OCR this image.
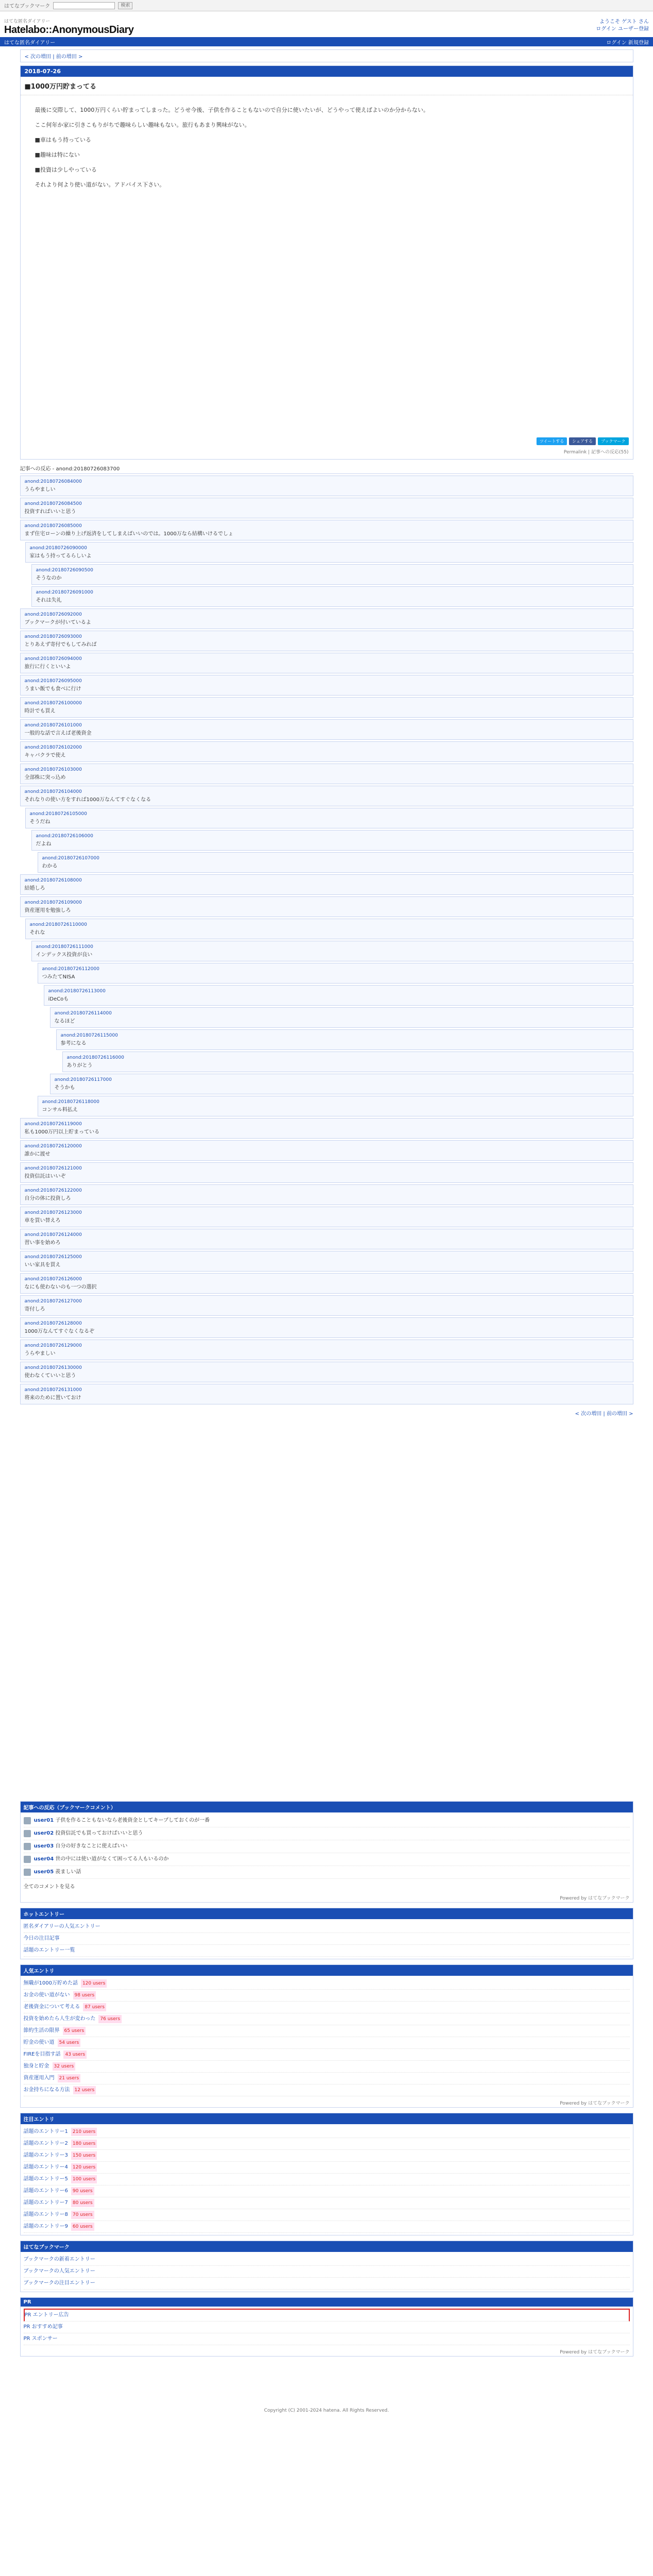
はてなブックマーク	検索
はてな匿名ダイアリー
Hatelabo::AnonymousDiary
ようこそ ゲスト さん
ログイン ユーザー登録
はてな匿名ダイアリー	ログイン 新規登録
< 次の増田 | 前の増田 >
2018-07-26
■1000万円貯まってる

最後に交際して、1000万円くらい貯まってしまった。どうせ今後、子供を作ることもないので自分に使いたいが、どうやって使えばよいのか分からない。

ここ何年か家に引きこもりがちで趣味らしい趣味もない。旅行もあまり興味がない。

■車はもう持っている

■趣味は特にない

■投資は少しやっている

それより何より使い道がない。アドバイス下さい。

ツイートする	シェアする	ブックマーク
Permalink | 記事への反応(55)
記事への反応 - anond:20180726083700
anond:20180726084000
うらやましい
anond:20180726084500
投資すればいいと思う
anond:20180726085000
まず住宅ローンの繰り上げ返済をしてしまえばいいのでは。1000万なら結構いけるでしょ
anond:20180726090000
家はもう持ってるらしいよ
anond:20180726090500
そうなのか
anond:20180726091000
それは失礼
anond:20180726092000
ブックマークが付いているよ
anond:20180726093000
とりあえず寄付でもしてみれば
anond:20180726094000
旅行に行くといいよ
anond:20180726095000
うまい飯でも食べに行け
anond:20180726100000
時計でも買え
anond:20180726101000
一般的な話で言えば老後資金
anond:20180726102000
キャバクラで使え
anond:20180726103000
全部株に突っ込め
anond:20180726104000
それなりの使い方をすれば1000万なんてすぐなくなる
anond:20180726105000
そうだね
anond:20180726106000
だよね
anond:20180726107000
わかる
anond:20180726108000
結婚しろ
anond:20180726109000
資産運用を勉強しろ
anond:20180726110000
それな
anond:20180726111000
インデックス投資が良い
anond:20180726112000
つみたてNISA
anond:20180726113000
iDeCoも
anond:20180726114000
なるほど
anond:20180726115000
参考になる
anond:20180726116000
ありがとう
anond:20180726117000
そうかも
anond:20180726118000
コンサル料払え
anond:20180726119000
私も1000万円以上貯まっている
anond:20180726120000
誰かに渡せ
anond:20180726121000
投資信託はいいぞ
anond:20180726122000
自分の体に投資しろ
anond:20180726123000
車を買い替えろ
anond:20180726124000
習い事を始めろ
anond:20180726125000
いい家具を買え
anond:20180726126000
なにも使わないのも一つの選択
anond:20180726127000
寄付しろ
anond:20180726128000
1000万なんてすぐなくなるぞ
anond:20180726129000
うらやましい
anond:20180726130000
使わなくていいと思う
anond:20180726131000
将来のために置いておけ
< 次の増田 | 前の増田 >
記事への反応（ブックマークコメント）
user01 子供を作ることもないなら老後資金としてキープしておくのが一番
user02 投資信託でも買っておけばいいと思う
user03 自分の好きなことに使えばいい
user04 世の中には使い道がなくて困ってる人もいるのか
user05 羨ましい話
全てのコメントを見る
Powered by はてなブックマーク
ホットエントリー
匿名ダイアリーの人気エントリー
今日の注目記事
話題のエントリー一覧
人気エントリ
無職が1000万貯めた話	120 users
お金の使い道がない	98 users
老後資金について考える	87 users
投資を始めたら人生が変わった	76 users
節約生活の限界	65 users
貯金の使い道	54 users
FIREを目指す話	43 users
独身と貯金	32 users
資産運用入門	21 users
お金持ちになる方法	12 users
Powered by はてなブックマーク
注目エントリ
話題のエントリー1	210 users
話題のエントリー2	180 users
話題のエントリー3	150 users
話題のエントリー4	120 users
話題のエントリー5	100 users
話題のエントリー6	90 users
話題のエントリー7	80 users
話題のエントリー8	70 users
話題のエントリー9	60 users
はてなブックマーク
ブックマークの新着エントリー
ブックマークの人気エントリー
ブックマークの注目エントリー
PR
PR エントリー広告
PR おすすめ記事
PR スポンサー
Powered by はてなブックマーク
Copyright (C) 2001-2024 hatena. All Rights Reserved.
